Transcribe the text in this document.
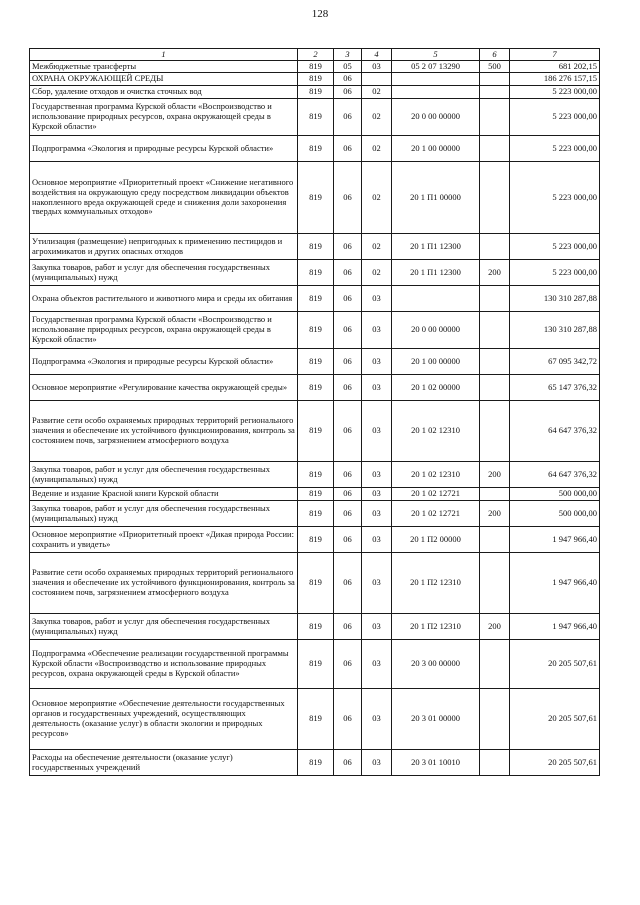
128
1	2	3	4	5	6	7
Межбюджетные трансферты	819	05	03	05 2 07 13290	500	681 202,15
ОХРАНА ОКРУЖАЮЩЕЙ СРЕДЫ	819	06				186 276 157,15
Сбор, удаление отходов и очистка сточных вод	819	06	02			5 223 000,00
Государственная программа Курской области «Воспроизводство и использование природных ресурсов, охрана окружающей среды в Курской области»	819	06	02	20 0 00 00000		5 223 000,00
Подпрограмма «Экология и природные ресурсы Курской области»	819	06	02	20 1 00 00000		5 223 000,00
Основное мероприятие «Приоритетный проект «Снижение негативного воздействия на окружающую среду посредством ликвидации объектов накопленного вреда окружающей среде и снижения доли захоронения твердых коммунальных отходов»	819	06	02	20 1 П1 00000		5 223 000,00
Утилизация (размещение) непригодных к применению пестицидов и агрохимикатов и других опасных отходов	819	06	02	20 1 П1 12300		5 223 000,00
Закупка товаров, работ и услуг для обеспечения государственных (муниципальных) нужд	819	06	02	20 1 П1 12300	200	5 223 000,00
Охрана объектов растительного и животного мира и среды их обитания	819	06	03			130 310 287,88
Государственная программа Курской области «Воспроизводство и использование природных ресурсов, охрана окружающей среды в Курской области»	819	06	03	20 0 00 00000		130 310 287,88
Подпрограмма «Экология и природные ресурсы Курской области»	819	06	03	20 1 00 00000		67 095 342,72
Основное мероприятие «Регулирование качества окружающей среды»	819	06	03	20 1 02 00000		65 147 376,32
Развитие сети особо охраняемых природных территорий регионального значения и обеспечение их устойчивого функционирования, контроль за состоянием почв, загрязнением атмосферного воздуха	819	06	03	20 1 02 12310		64 647 376,32
Закупка товаров, работ и услуг для обеспечения государственных (муниципальных) нужд	819	06	03	20 1 02 12310	200	64 647 376,32
Ведение и издание Красной книги Курской области	819	06	03	20 1 02 12721		500 000,00
Закупка товаров, работ и услуг для обеспечения государственных (муниципальных) нужд	819	06	03	20 1 02 12721	200	500 000,00
Основное мероприятие «Приоритетный проект «Дикая природа России: сохранить и увидеть»	819	06	03	20 1 П2 00000		1 947 966,40
Развитие сети особо охраняемых природных территорий регионального значения и обеспечение их устойчивого функционирования, контроль за состоянием почв, загрязнением атмосферного воздуха	819	06	03	20 1 П2 12310		1 947 966,40
Закупка товаров, работ и услуг для обеспечения государственных (муниципальных) нужд	819	06	03	20 1 П2 12310	200	1 947 966,40
Подпрограмма «Обеспечение реализации государственной программы Курской области «Воспроизводство и использование природных ресурсов, охрана окружающей среды в Курской области»	819	06	03	20 3 00 00000		20 205 507,61
Основное мероприятие «Обеспечение деятельности государственных органов и государственных учреждений, осуществляющих деятельность (оказание услуг) в области экологии и природных ресурсов»	819	06	03	20 3 01 00000		20 205 507,61
Расходы на обеспечение деятельности (оказание услуг) государственных учреждений	819	06	03	20 3 01 10010		20 205 507,61
